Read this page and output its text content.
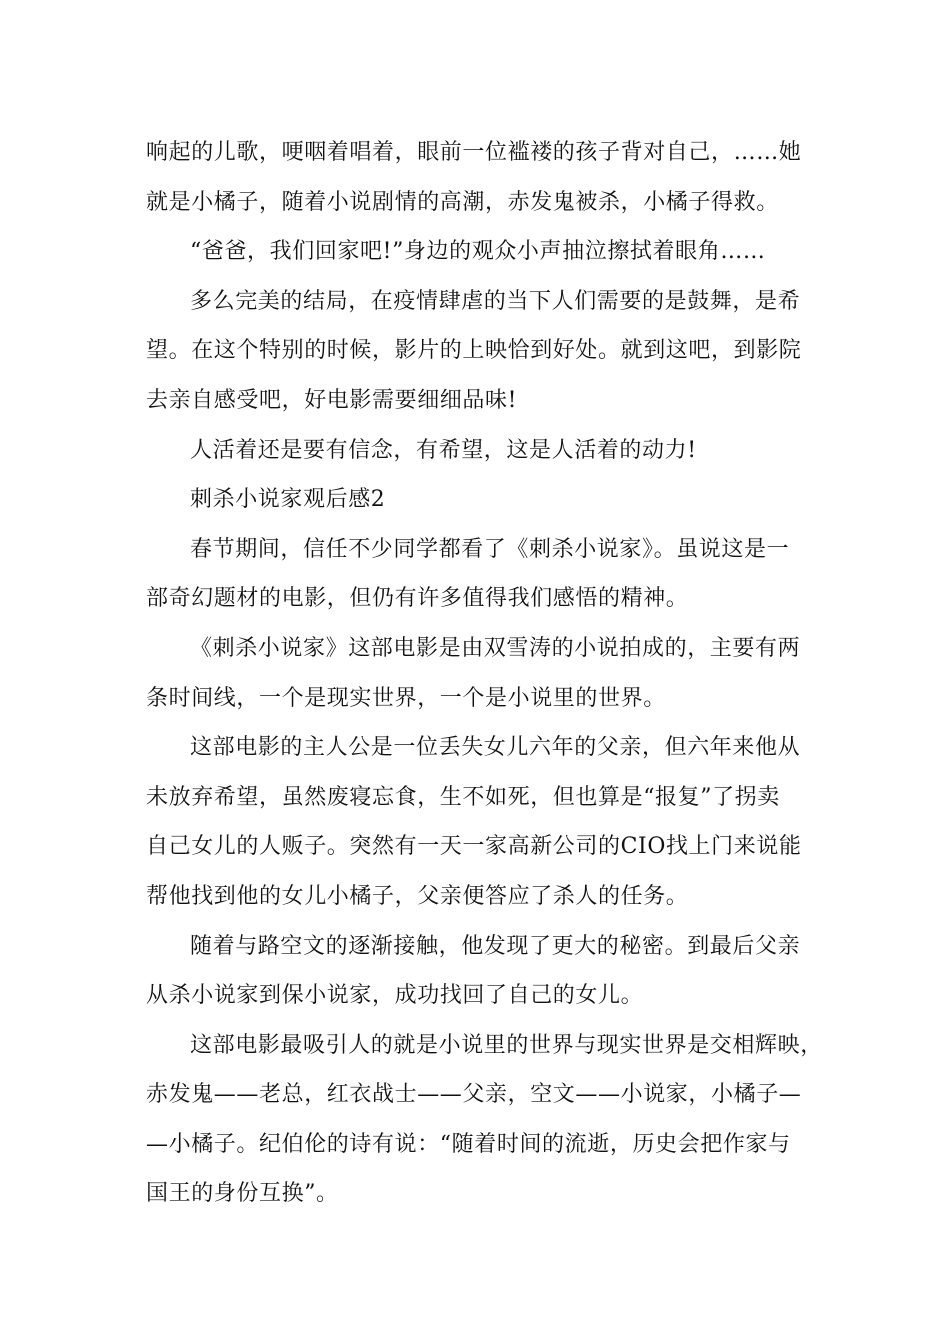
响起的儿歌，哽咽着唱着，眼前一位褴褛的孩子背对自己，……她
就是小橘子，随着小说剧情的高潮，赤发鬼被杀，小橘子得救。
“爸爸，我们回家吧!”身边的观众小声抽泣擦拭着眼角……
多么完美的结局，在疫情肆虐的当下人们需要的是鼓舞，是希
望。在这个特别的时候，影片的上映恰到好处。就到这吧，到影院
去亲自感受吧，好电影需要细细品味!
人活着还是要有信念，有希望，这是人活着的动力!
刺杀小说家观后感2
春节期间，信任不少同学都看了《刺杀小说家》。虽说这是一
部奇幻题材的电影，但仍有许多值得我们感悟的精神。
《刺杀小说家》这部电影是由双雪涛的小说拍成的，主要有两
条时间线，一个是现实世界，一个是小说里的世界。
这部电影的主人公是一位丢失女儿六年的父亲，但六年来他从
未放弃希望，虽然废寝忘食，生不如死，但也算是“报复”了拐卖
自己女儿的人贩子。突然有一天一家高新公司的CIO找上门来说能
帮他找到他的女儿小橘子，父亲便答应了杀人的任务。
随着与路空文的逐渐接触，他发现了更大的秘密。到最后父亲
从杀小说家到保小说家，成功找回了自己的女儿。
这部电影最吸引人的就是小说里的世界与现实世界是交相辉映，
赤发鬼——老总，红衣战士——父亲，空文——小说家，小橘子—
—小橘子。纪伯伦的诗有说：“随着时间的流逝，历史会把作家与
国王的身份互换”。
